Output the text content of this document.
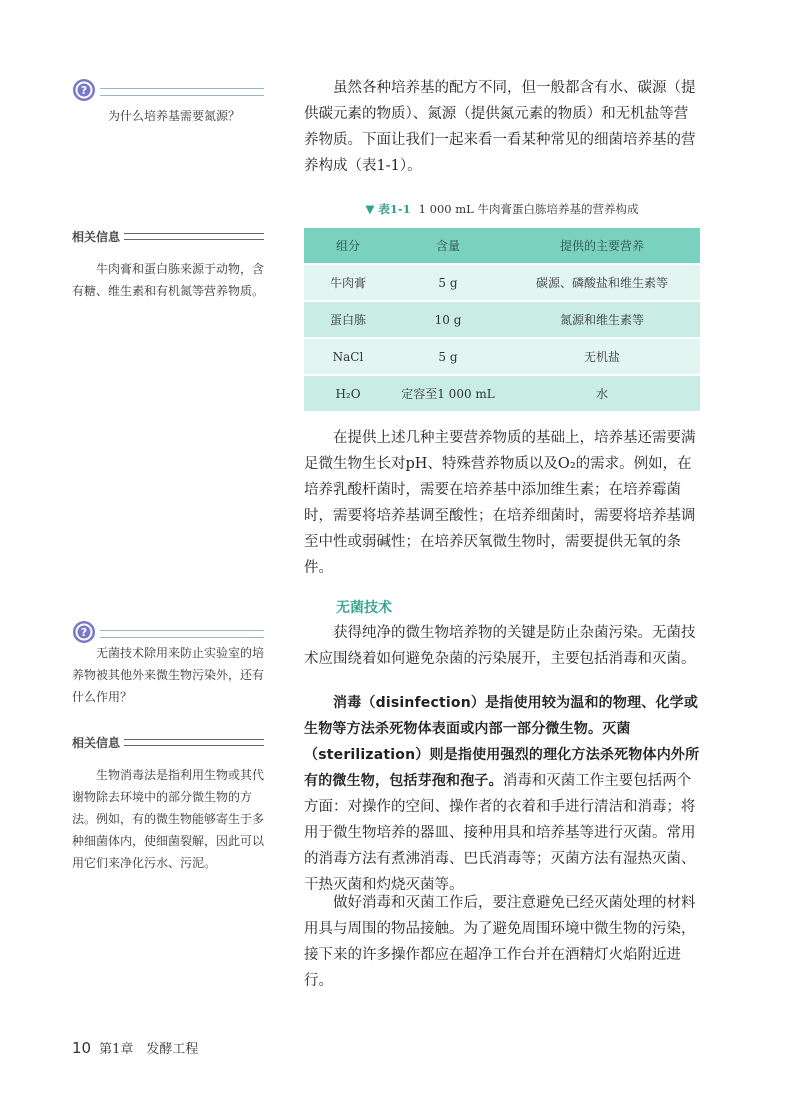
?
为什么培养基需要氮源？
相关信息

牛肉膏和蛋白胨来源于动物，含有糖、维生素和有机氮等营养物质。

?

无菌技术除用来防止实验室的培养物被其他外来微生物污染外，还有什么作用？

相关信息

生物消毒法是指利用生物或其代谢物除去环境中的部分微生物的方法。例如，有的微生物能够寄生于多种细菌体内，使细菌裂解，因此可以用它们来净化污水、污泥。

虽然各种培养基的配方不同，但一般都含有水、碳源（提供碳元素的物质）、氮源（提供氮元素的物质）和无机盐等营养物质。下面让我们一起来看一看某种常见的细菌培养基的营养构成（表1-1）。

▼ 表1-1 1 000 mL 牛肉膏蛋白胨培养基的营养构成
组分	含量	提供的主要营养
牛肉膏	5 g	碳源、磷酸盐和维生素等
蛋白胨	10 g	氮源和维生素等
NaCl	5 g	无机盐
H₂O	定容至1 000 mL	水

在提供上述几种主要营养物质的基础上，培养基还需要满足微生物生长对pH、特殊营养物质以及O₂的需求。例如，在培养乳酸杆菌时，需要在培养基中添加维生素；在培养霉菌时，需要将培养基调至酸性；在培养细菌时，需要将培养基调至中性或弱碱性；在培养厌氧微生物时，需要提供无氧的条件。

无菌技术

获得纯净的微生物培养物的关键是防止杂菌污染。无菌技术应围绕着如何避免杂菌的污染展开，主要包括消毒和灭菌。

消毒（disinfection）是指使用较为温和的物理、化学或生物等方法杀死物体表面或内部一部分微生物。灭菌（sterilization）则是指使用强烈的理化方法杀死物体内外所有的微生物，包括芽孢和孢子。消毒和灭菌工作主要包括两个方面：对操作的空间、操作者的衣着和手进行清洁和消毒；将用于微生物培养的器皿、接种用具和培养基等进行灭菌。常用的消毒方法有煮沸消毒、巴氏消毒等；灭菌方法有湿热灭菌、干热灭菌和灼烧灭菌等。

做好消毒和灭菌工作后，要注意避免已经灭菌处理的材料用具与周围的物品接触。为了避免周围环境中微生物的污染，接下来的许多操作都应在超净工作台并在酒精灯火焰附近进行。

10 第1章　发酵工程
